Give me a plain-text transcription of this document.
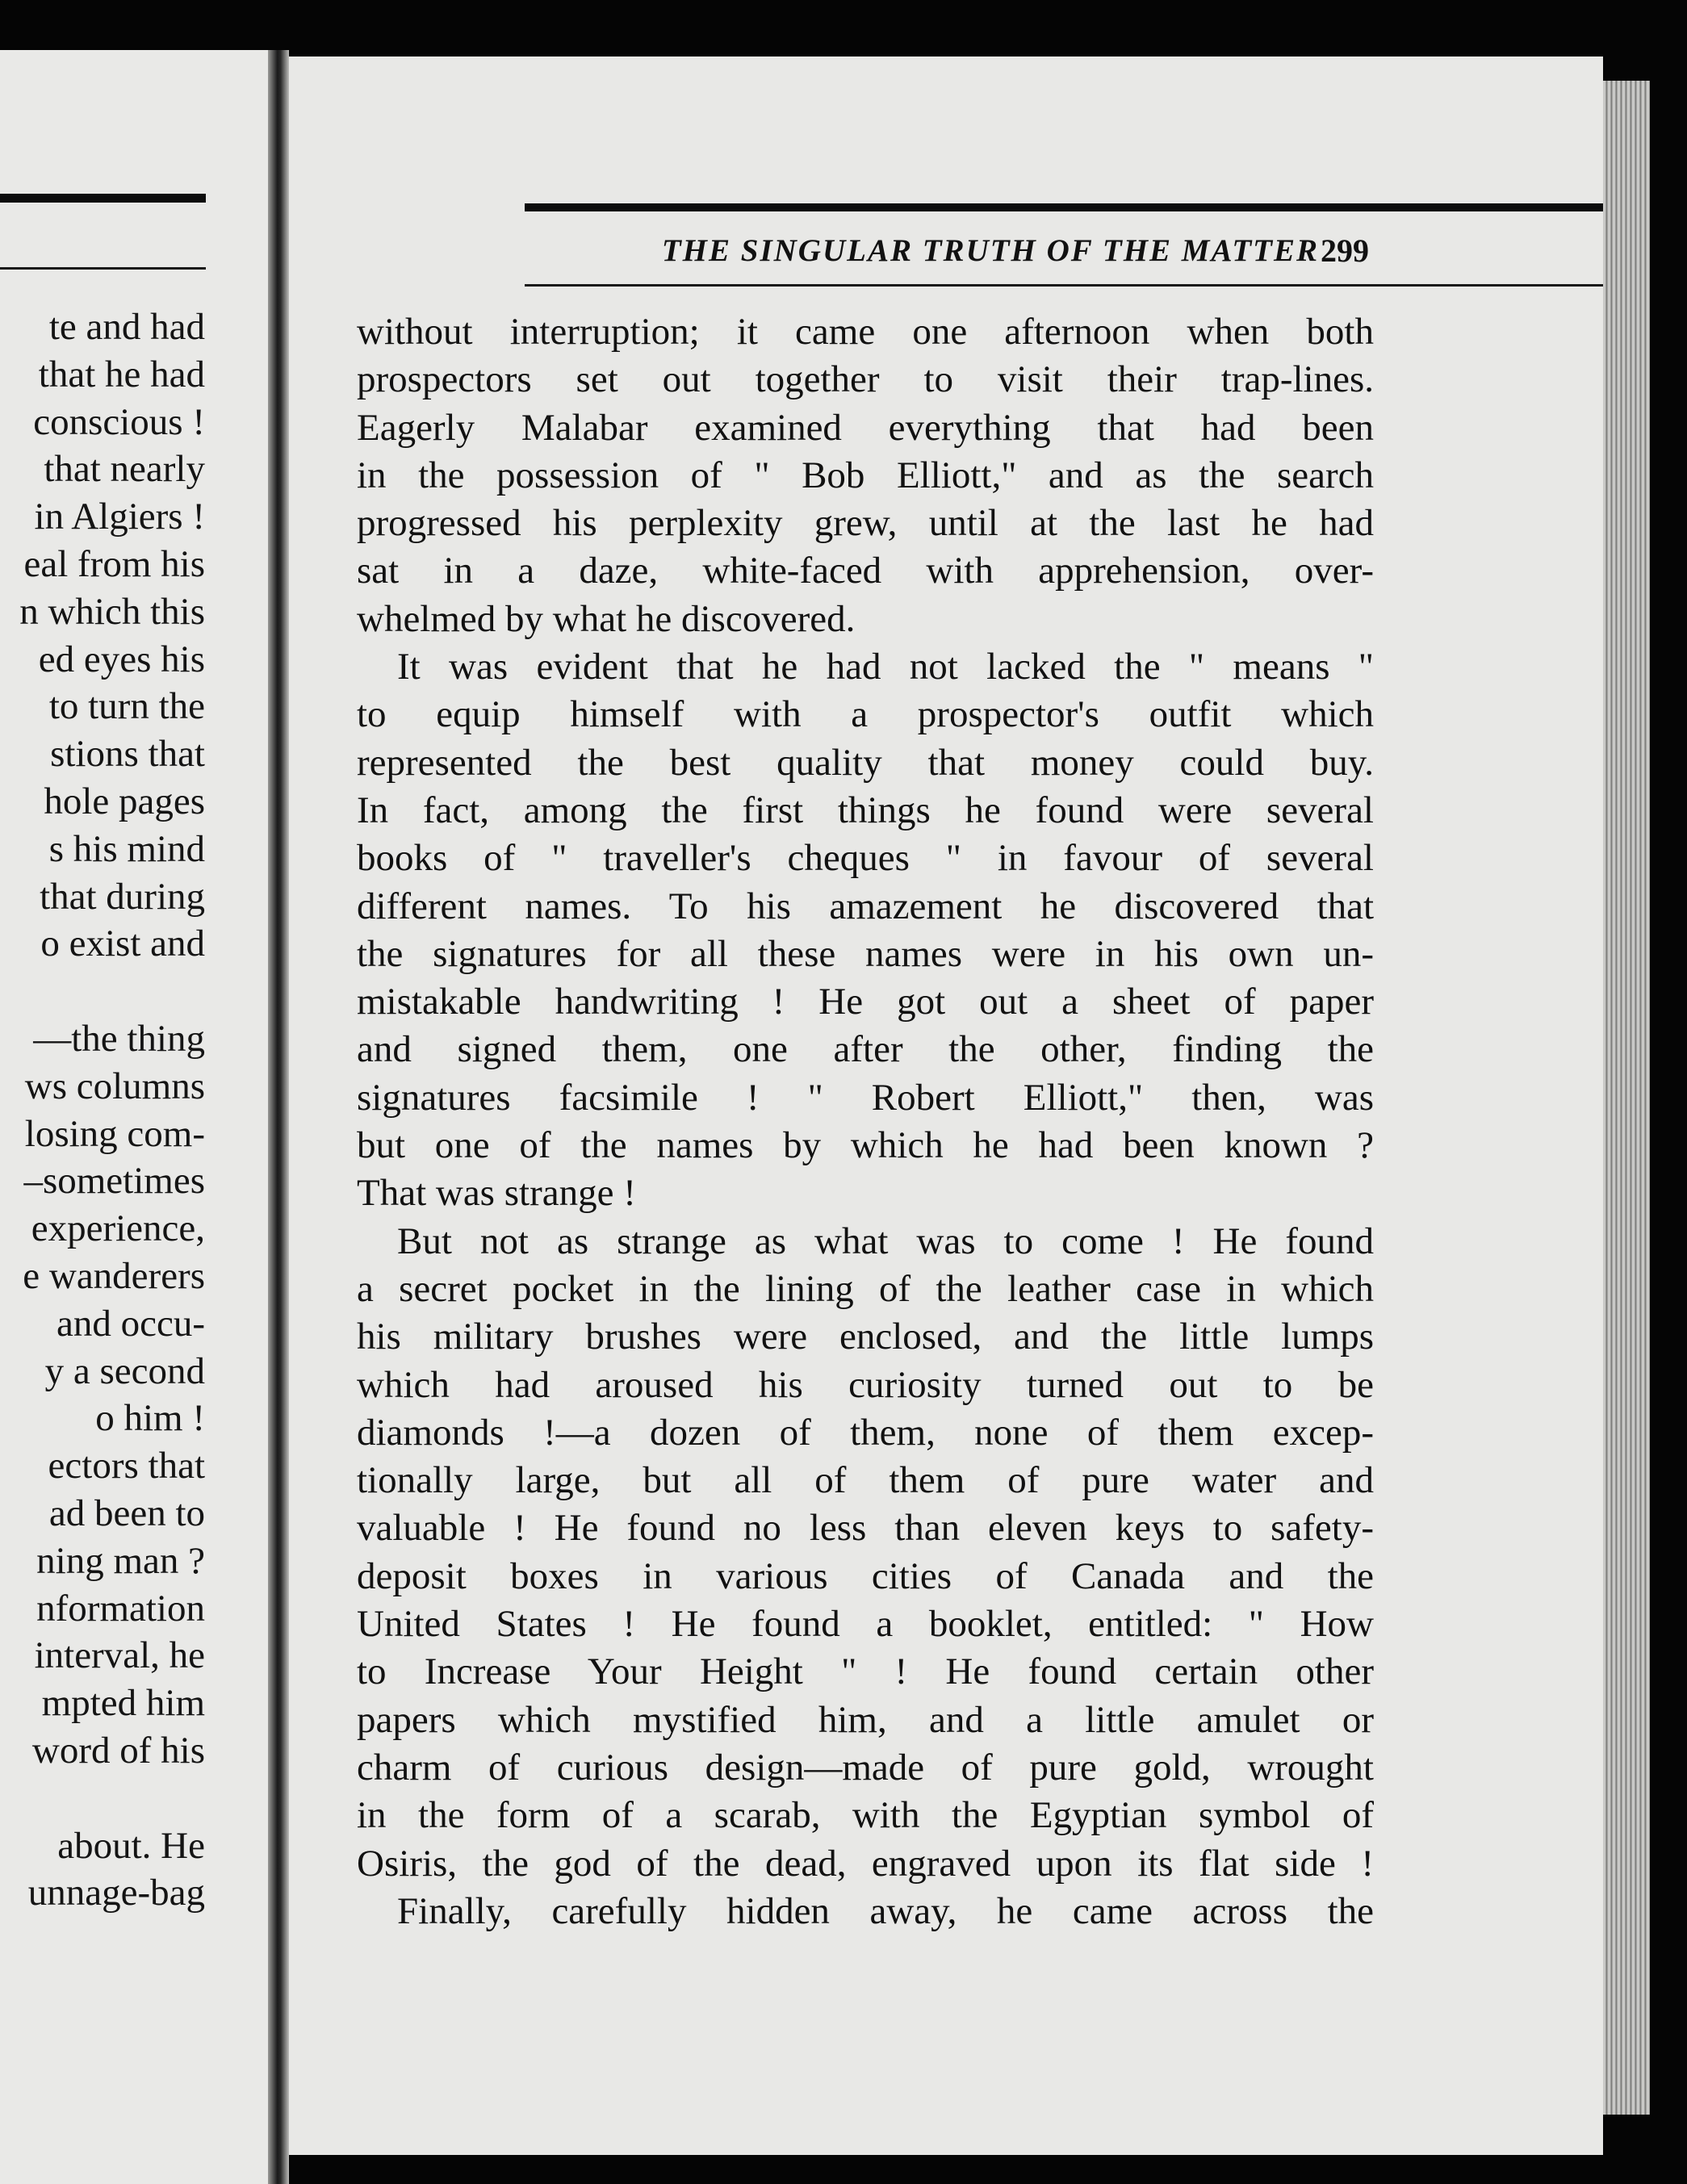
te and had
that he had
conscious !
that nearly
in Algiers !
eal from his
n which this
ed eyes his
to turn the
stions that
hole pages
s his mind
that during
o exist and
—the thing
ws columns
losing com-
–sometimes
experience,
e wanderers
and occu-
y a second
o him !
ectors that
ad been to
ning man ?
nformation
interval, he
mpted him
word of his
about. He
unnage-bag
THE SINGULAR TRUTH OF THE MATTER 299
without interruption; it came one afternoon when both
prospectors set out together to visit their trap-lines.
Eagerly Malabar examined everything that had been
in the possession of " Bob Elliott," and as the search
progressed his perplexity grew, until at the last he had
sat in a daze, white-faced with apprehension, over-
whelmed by what he discovered.
It was evident that he had not lacked the " means "
to equip himself with a prospector's outfit which
represented the best quality that money could buy.
In fact, among the first things he found were several
books of " traveller's cheques " in favour of several
different names. To his amazement he discovered that
the signatures for all these names were in his own un-
mistakable handwriting ! He got out a sheet of paper
and signed them, one after the other, finding the
signatures facsimile ! " Robert Elliott," then, was
but one of the names by which he had been known ?
That was strange !
But not as strange as what was to come ! He found
a secret pocket in the lining of the leather case in which
his military brushes were enclosed, and the little lumps
which had aroused his curiosity turned out to be
diamonds !—a dozen of them, none of them excep-
tionally large, but all of them of pure water and
valuable ! He found no less than eleven keys to safety-
deposit boxes in various cities of Canada and the
United States ! He found a booklet, entitled: " How
to Increase Your Height " ! He found certain other
papers which mystified him, and a little amulet or
charm of curious design—made of pure gold, wrought
in the form of a scarab, with the Egyptian symbol of
Osiris, the god of the dead, engraved upon its flat side !
Finally, carefully hidden away, he came across the
